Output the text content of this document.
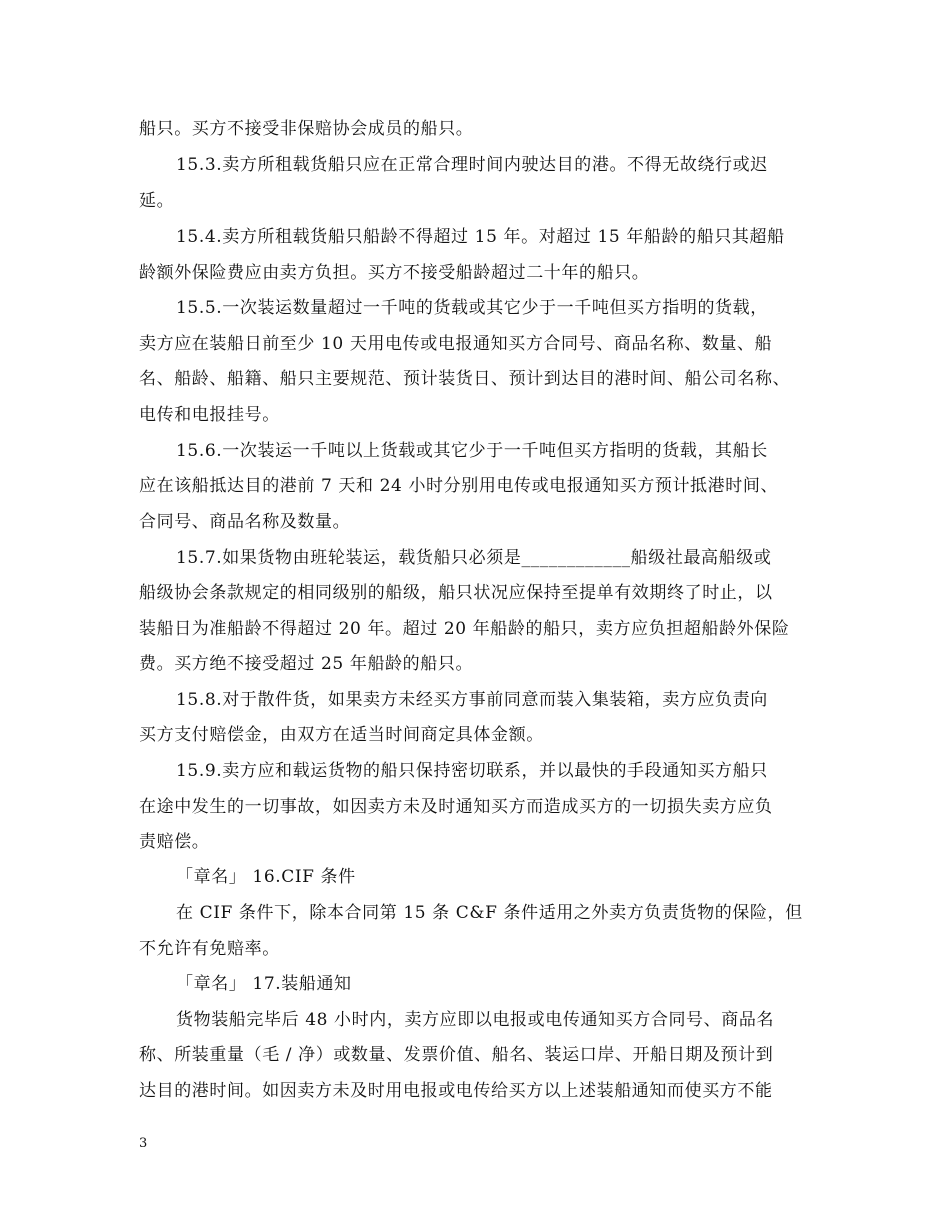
船只。买方不接受非保赔协会成员的船只。
15.3.卖方所租载货船只应在正常合理时间内驶达目的港。不得无故绕行或迟
延。
15.4.卖方所租载货船只船龄不得超过 15 年。对超过 15 年船龄的船只其超船
龄额外保险费应由卖方负担。买方不接受船龄超过二十年的船只。
15.5.一次装运数量超过一千吨的货载或其它少于一千吨但买方指明的货载，
卖方应在装船日前至少 10 天用电传或电报通知买方合同号、商品名称、数量、船
名、船龄、船籍、船只主要规范、预计装货日、预计到达目的港时间、船公司名称、
电传和电报挂号。
15.6.一次装运一千吨以上货载或其它少于一千吨但买方指明的货载，其船长
应在该船抵达目的港前 7 天和 24 小时分别用电传或电报通知买方预计抵港时间、
合同号、商品名称及数量。
15.7.如果货物由班轮装运，载货船只必须是____________船级社最高船级或
船级协会条款规定的相同级别的船级，船只状况应保持至提单有效期终了时止，以
装船日为准船龄不得超过 20 年。超过 20 年船龄的船只，卖方应负担超船龄外保险
费。买方绝不接受超过 25 年船龄的船只。
15.8.对于散件货，如果卖方未经买方事前同意而装入集装箱，卖方应负责向
买方支付赔偿金，由双方在适当时间商定具体金额。
15.9.卖方应和载运货物的船只保持密切联系，并以最快的手段通知买方船只
在途中发生的一切事故，如因卖方未及时通知买方而造成买方的一切损失卖方应负
责赔偿。
「章名」 16.CIF 条件
在 CIF 条件下，除本合同第 15 条 C&F 条件适用之外卖方负责货物的保险，但
不允许有免赔率。
「章名」 17.装船通知
货物装船完毕后 48 小时内，卖方应即以电报或电传通知买方合同号、商品名
称、所装重量（毛 / 净）或数量、发票价值、船名、装运口岸、开船日期及预计到
达目的港时间。如因卖方未及时用电报或电传给买方以上述装船通知而使买方不能
3
